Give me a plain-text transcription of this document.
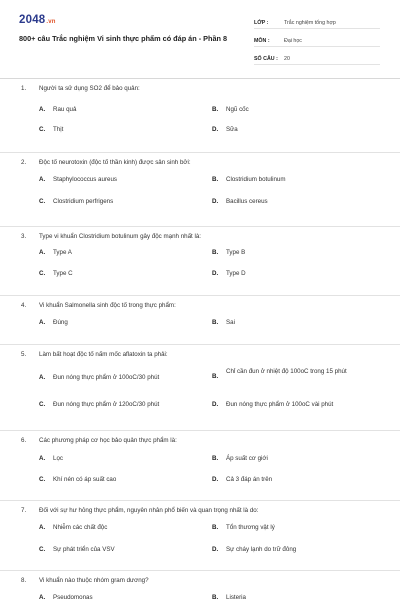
2048.vn
800+ câu Trắc nghiệm Vi sinh thực phẩm có đáp án - Phần 8
LỚP :	Trắc nghiệm tổng hợp
MÔN :	Đại học
SỐ CÂU :	20
1. Người ta sử dụng SO2 để bảo quản:
A. Rau quả	B. Ngũ cốc
C. Thịt	D. Sữa
2. Độc tố neurotoxin (độc tố thần kinh) được sản sinh bởi:
A. Staphylococcus aureus	B. Clostridium botulinum
C. Clostridium perfrigens	D. Bacillus cereus
3. Type vi khuẩn Clostridium botulinum gây độc mạnh nhất là:
A. Type A	B. Type B
C. Type C	D. Type D
4. Vi khuẩn Salmonella sinh độc tố trong thực phẩm:
A. Đúng	B. Sai
5. Làm bất hoạt độc tố nấm mốc aflatoxin ta phải:
A. Đun nóng thực phẩm ở 100oC/30 phút	B.Chỉ cần đun ở nhiệt độ 100oC trong 15 phút
C. Đun nóng thực phẩm ở 120oC/30 phút	D. Đun nóng thực phẩm ở 100oC vài phút
6. Các phương pháp cơ học bảo quản thực phẩm là:
A. Lọc	B. Áp suất cơ giới
C. Khí nén có áp suất cao	D. Cả 3 đáp án trên
7. Đối với sự hư hỏng thực phẩm, nguyên nhân phổ biến và quan trọng nhất là do:
A. Nhiễm các chất độc	B. Tổn thương vật lý
C. Sự phát triển của VSV	D. Sự cháy lạnh do trữ đông
8. Vi khuẩn nào thuộc nhóm gram dương?
A. Pseudomonas	B. Listeria
